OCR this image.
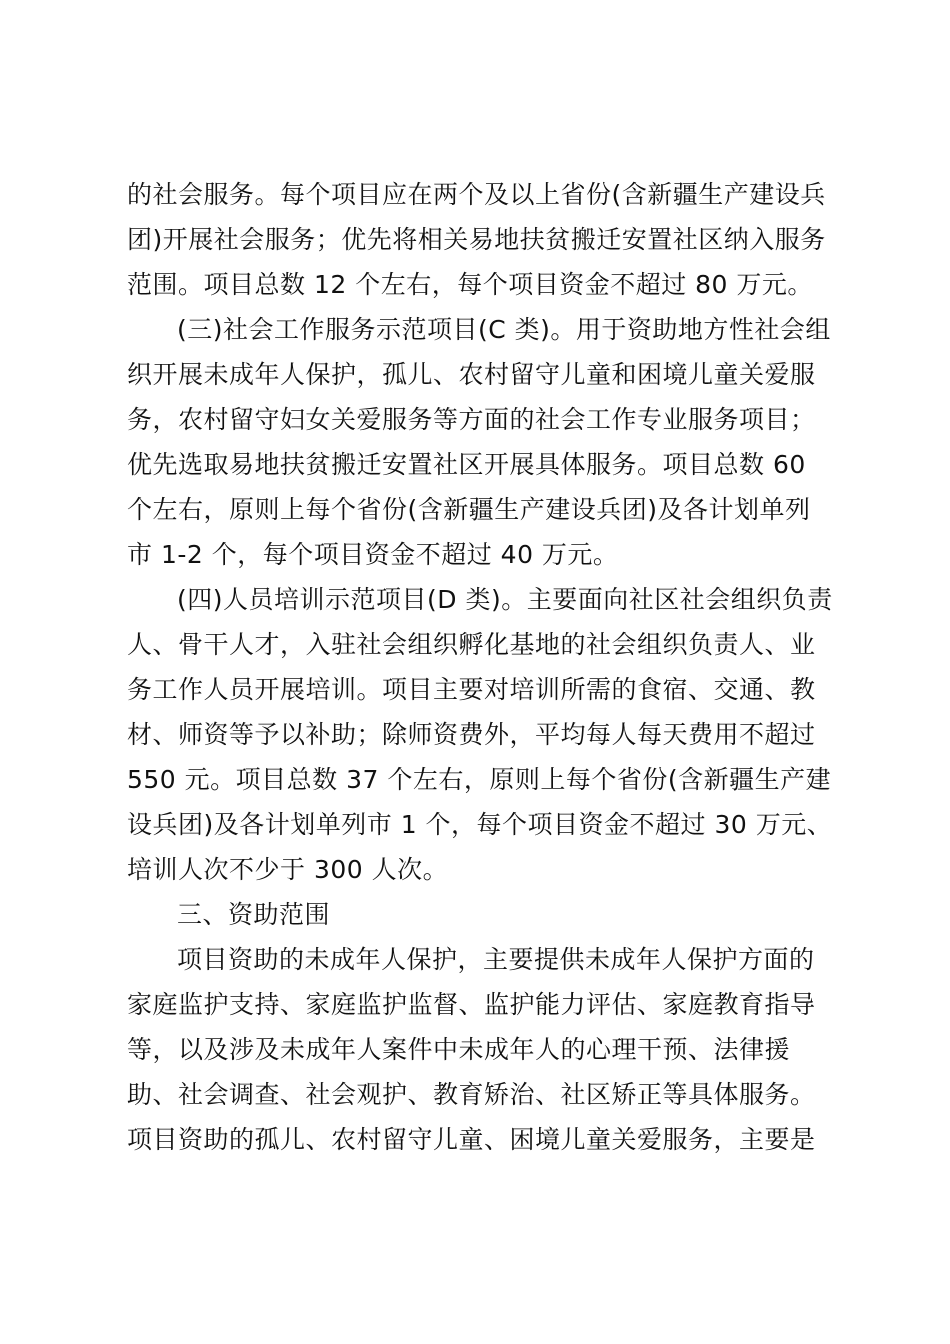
的社会服务。每个项目应在两个及以上省份(含新疆生产建设兵
团)开展社会服务；优先将相关易地扶贫搬迁安置社区纳入服务
范围。项目总数 12 个左右，每个项目资金不超过 80 万元。
(三)社会工作服务示范项目(C 类)。用于资助地方性社会组
织开展未成年人保护，孤儿、农村留守儿童和困境儿童关爱服
务，农村留守妇女关爱服务等方面的社会工作专业服务项目；
优先选取易地扶贫搬迁安置社区开展具体服务。项目总数 60
个左右，原则上每个省份(含新疆生产建设兵团)及各计划单列
市 1-2 个，每个项目资金不超过 40 万元。
(四)人员培训示范项目(D 类)。主要面向社区社会组织负责
人、骨干人才，入驻社会组织孵化基地的社会组织负责人、业
务工作人员开展培训。项目主要对培训所需的食宿、交通、教
材、师资等予以补助；除师资费外，平均每人每天费用不超过
550 元。项目总数 37 个左右，原则上每个省份(含新疆生产建
设兵团)及各计划单列市 1 个，每个项目资金不超过 30 万元、
培训人次不少于 300 人次。
三、资助范围
项目资助的未成年人保护，主要提供未成年人保护方面的
家庭监护支持、家庭监护监督、监护能力评估、家庭教育指导
等，以及涉及未成年人案件中未成年人的心理干预、法律援
助、社会调查、社会观护、教育矫治、社区矫正等具体服务。
项目资助的孤儿、农村留守儿童、困境儿童关爱服务，主要是
